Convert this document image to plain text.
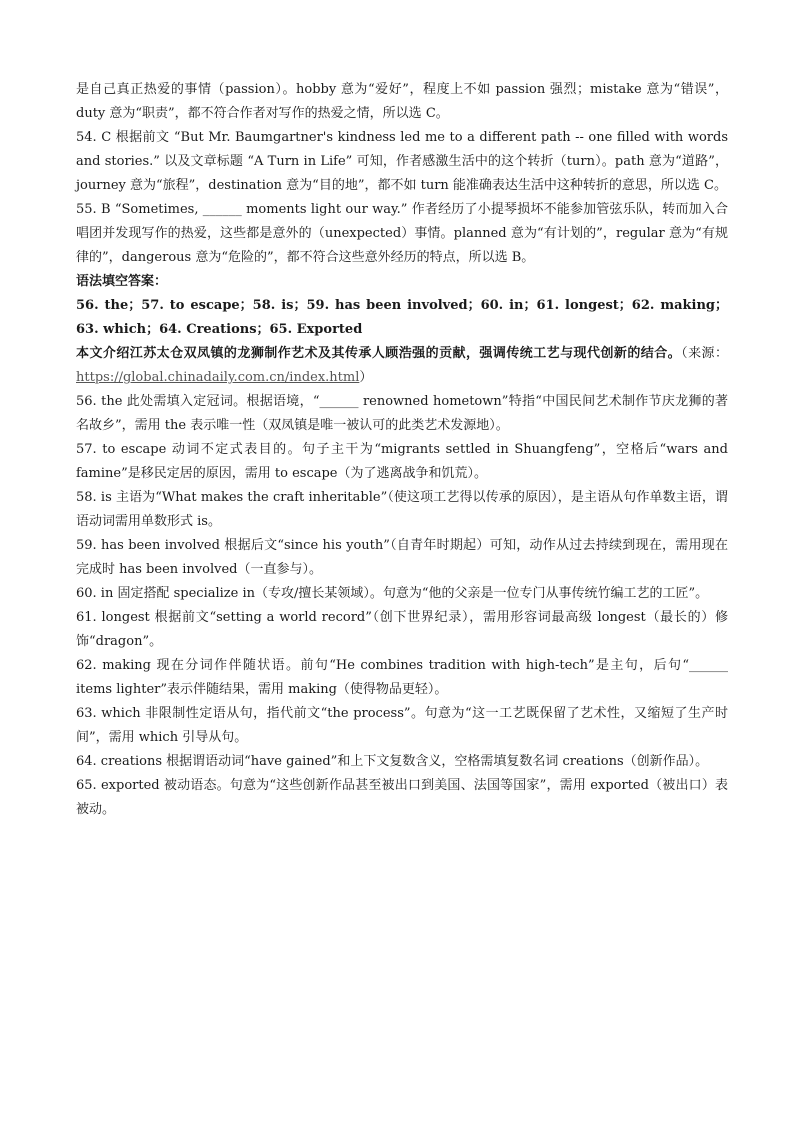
是自己真正热爱的事情（passion）。hobby 意为“爱好”，程度上不如 passion 强烈；mistake 意为“错误”，duty 意为“职责”，都不符合作者对写作的热爱之情，所以选 C。

54. C 根据前文 “But Mr. Baumgartner's kindness led me to a different path -- one filled with words and stories.” 以及文章标题 “A Turn in Life” 可知，作者感激生活中的这个转折（turn）。path 意为“道路”，journey 意为“旅程”，destination 意为“目的地”，都不如 turn 能准确表达生活中这种转折的意思，所以选 C。

55. B “Sometimes, ______ moments light our way.” 作者经历了小提琴损坏不能参加管弦乐队，转而加入合唱团并发现写作的热爱，这些都是意外的（unexpected）事情。planned 意为“有计划的”，regular 意为“有规律的”，dangerous 意为“危险的”，都不符合这些意外经历的特点，所以选 B。

语法填空答案：

56. the；57. to escape；58. is；59. has been involved；60. in；61. longest；62. making；63. which；64. Creations；65. Exported

本文介绍江苏太仓双凤镇的龙狮制作艺术及其传承人顾浩强的贡献，强调传统工艺与现代创新的结合。（来源：https://global.chinadaily.com.cn/index.html）

56. the 此处需填入定冠词。根据语境，“______ renowned hometown”特指“中国民间艺术制作节庆龙狮的著名故乡”，需用 the 表示唯一性（双凤镇是唯一被认可的此类艺术发源地）。

57. to escape 动词不定式表目的。句子主干为“migrants settled in Shuangfeng”，空格后“wars and famine”是移民定居的原因，需用 to escape（为了逃离战争和饥荒）。

58. is 主语为“What makes the craft inheritable”（使这项工艺得以传承的原因），是主语从句作单数主语，谓语动词需用单数形式 is。

59. has been involved 根据后文“since his youth”（自青年时期起）可知，动作从过去持续到现在，需用现在完成时 has been involved（一直参与）。

60. in 固定搭配 specialize in（专攻/擅长某领域）。句意为“他的父亲是一位专门从事传统竹编工艺的工匠”。

61. longest 根据前文“setting a world record”（创下世界纪录），需用形容词最高级 longest（最长的）修饰“dragon”。

62. making 现在分词作伴随状语。前句“He combines tradition with high-tech”是主句，后句“______ items lighter”表示伴随结果，需用 making（使得物品更轻）。

63. which 非限制性定语从句，指代前文“the process”。句意为“这一工艺既保留了艺术性，又缩短了生产时间”，需用 which 引导从句。

64. creations 根据谓语动词“have gained”和上下文复数含义，空格需填复数名词 creations（创新作品）。

65. exported 被动语态。句意为“这些创新作品甚至被出口到美国、法国等国家”，需用 exported（被出口）表被动。
